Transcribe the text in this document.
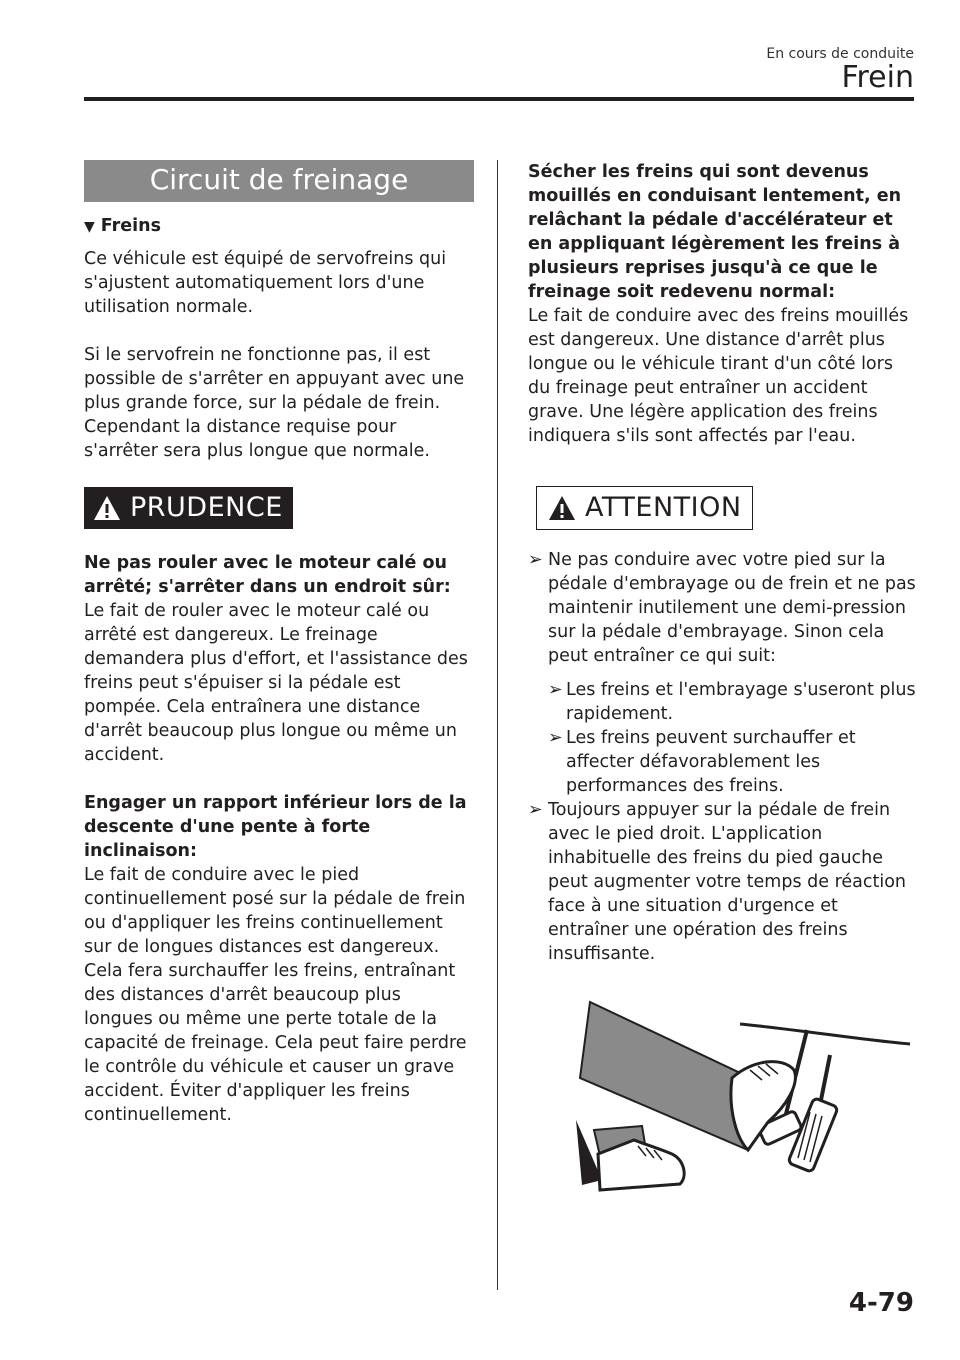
En cours de conduite
Frein
Circuit de freinage
▼ Freins

Ce véhicule est équipé de servofreins qui s'ajustent automatiquement lors d'une utilisation normale.

Si le servofrein ne fonctionne pas, il est possible de s'arrêter en appuyant avec une plus grande force, sur la pédale de frein. Cependant la distance requise pour s'arrêter sera plus longue que normale.

PRUDENCE

Ne pas rouler avec le moteur calé ou arrêté; s'arrêter dans un endroit sûr:
Le fait de rouler avec le moteur calé ou arrêté est dangereux. Le freinage demandera plus d'effort, et l'assistance des freins peut s'épuiser si la pédale est pompée. Cela entraînera une distance d'arrêt beaucoup plus longue ou même un accident.

Engager un rapport inférieur lors de la descente d'une pente à forte inclinaison:
Le fait de conduire avec le pied continuellement posé sur la pédale de frein ou d'appliquer les freins continuellement sur de longues distances est dangereux. Cela fera surchauffer les freins, entraînant des distances d'arrêt beaucoup plus longues ou même une perte totale de la capacité de freinage. Cela peut faire perdre le contrôle du véhicule et causer un grave accident. Éviter d'appliquer les freins continuellement.

Sécher les freins qui sont devenus mouillés en conduisant lentement, en relâchant la pédale d'accélérateur et en appliquant légèrement les freins à plusieurs reprises jusqu'à ce que le freinage soit redevenu normal:
Le fait de conduire avec des freins mouillés est dangereux. Une distance d'arrêt plus longue ou le véhicule tirant d'un côté lors du freinage peut entraîner un accident grave. Une légère application des freins indiquera s'ils sont affectés par l'eau.

ATTENTION
➢ Ne pas conduire avec votre pied sur la pédale d'embrayage ou de frein et ne pas maintenir inutilement une demi-pression sur la pédale d'embrayage. Sinon cela peut entraîner ce qui suit:
➢ Les freins et l'embrayage s'useront plus rapidement.
➢ Les freins peuvent surchauffer et affecter défavorablement les performances des freins.
➢ Toujours appuyer sur la pédale de frein avec le pied droit. L'application inhabituelle des freins du pied gauche peut augmenter votre temps de réaction face à une situation d'urgence et entraîner une opération des freins insuffisante.
4-79
